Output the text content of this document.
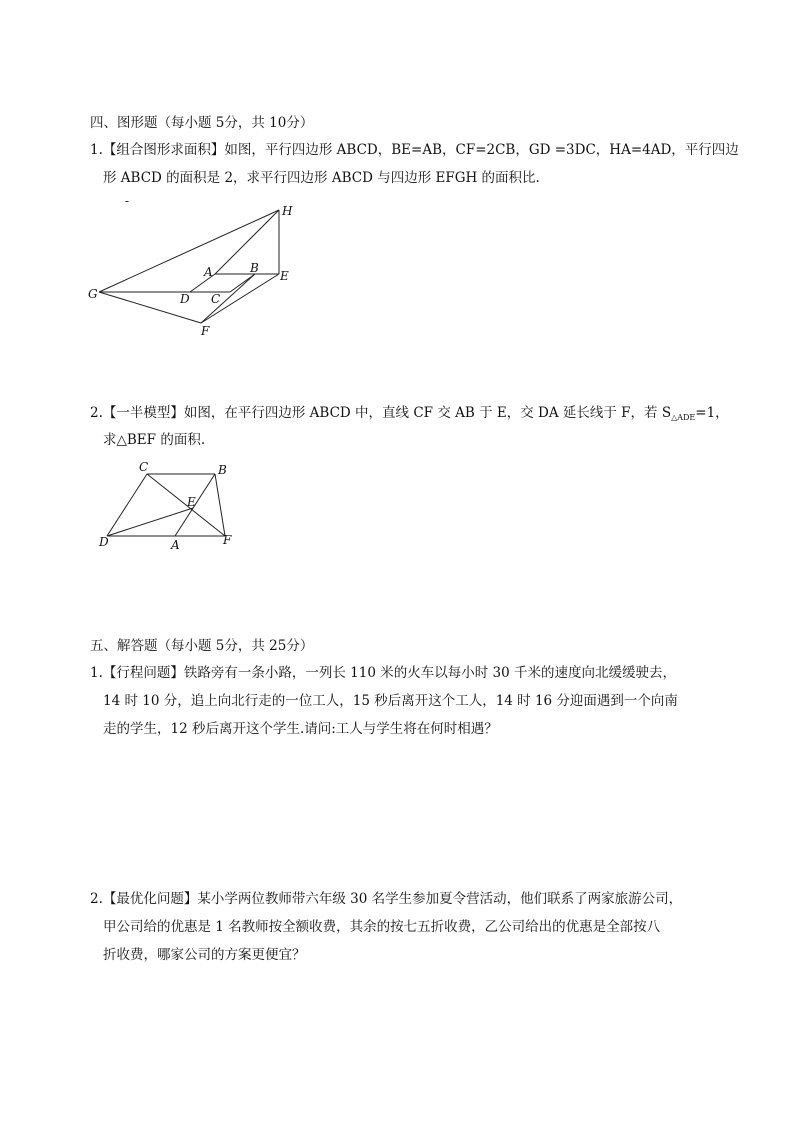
四、图形题（每小题 5分，共 10分）
1.【组合图形求面积】如图，平行四边形 ABCD，BE=AB，CF=2CB，GD =3DC，HA=4AD，平行四边
形 ABCD 的面积是 2，求平行四边形 ABCD 与四边形 EFGH 的面积比.
-
H
A	B
E
G	D C
F
2.【一半模型】如图，在平行四边形 ABCD 中，直线 CF 交 AB 于 E，交 DA 延长线于 F，若 $S_{\triangle ADE}=1$，
求△BEF 的面积.
C	B
E
D	A	F
五、解答题（每小题 5分，共 25分）
1.【行程问题】铁路旁有一条小路，一列长 110 米的火车以每小时 30 千米的速度向北缓缓驶去，
14 时 10 分，追上向北行走的一位工人，15 秒后离开这个工人，14 时 16 分迎面遇到一个向南
走的学生，12 秒后离开这个学生.请问:工人与学生将在何时相遇？
2.【最优化问题】某小学两位教师带六年级 30 名学生参加夏令营活动，他们联系了两家旅游公司，
甲公司给的优惠是 1 名教师按全额收费，其余的按七五折收费，乙公司给出的优惠是全部按八
折收费，哪家公司的方案更便宜？
